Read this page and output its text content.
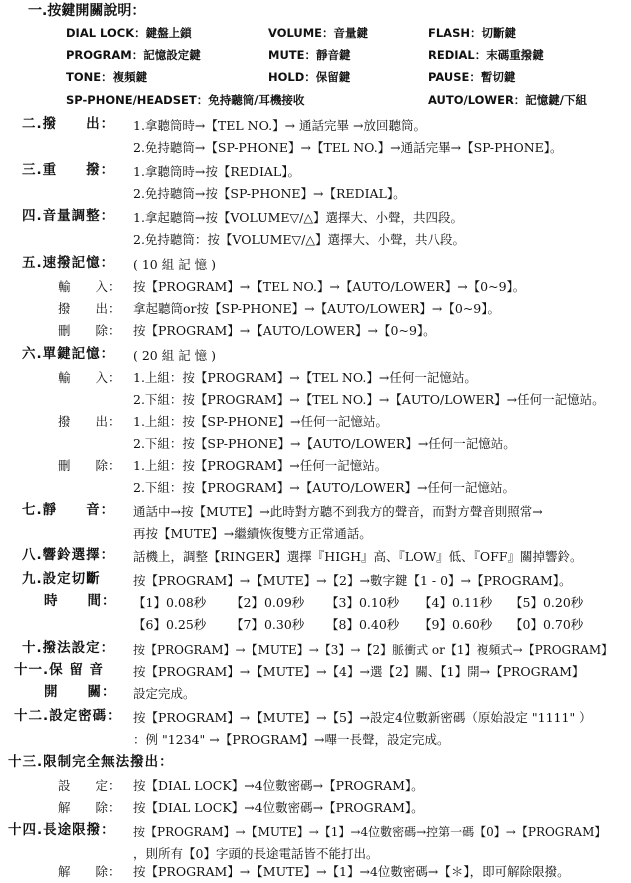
一.按鍵開關說明：
DIAL LOCK：鍵盤上鎖	VOLUME：音量鍵	FLASH：切斷鍵
PROGRAM：記憶設定鍵	MUTE：靜音鍵	REDIAL：末碼重撥鍵
TONE：複頻鍵	HOLD：保留鍵	PAUSE：暫切鍵
SP-PHONE/HEADSET：免持聽筒/耳機接收	AUTO/LOWER：記憶鍵/下組
二.撥　　出： 1.拿聽筒時→【TEL NO.】→ 通話完畢 →放回聽筒。
2.免持聽筒→【SP-PHONE】→【TEL NO.】→通話完畢→【SP-PHONE】。
三.重　　撥： 1.拿聽筒時→按【REDIAL】。
2.免持聽筒→按【SP-PHONE】→【REDIAL】。
四.音量調整： 1.拿起聽筒→按【VOLUME▽/△】選擇大、小聲，共四段。
2.免持聽筒：按【VOLUME▽/△】選擇大、小聲，共八段。
五.速撥記憶： ( 10 組 記 憶 )
輸　　入： 按【PROGRAM】→【TEL NO.】→【AUTO/LOWER】→【0~9】。
撥　　出： 拿起聽筒or按【SP-PHONE】→【AUTO/LOWER】→【0~9】。
刪　　除： 按【PROGRAM】→【AUTO/LOWER】→【0~9】。
六.單鍵記憶： ( 20 組 記 憶 )
輸　　入： 1.上組：按【PROGRAM】→【TEL NO.】→任何一記憶站。
2.下組：按【PROGRAM】→【TEL NO.】→【AUTO/LOWER】→任何一記憶站。
撥　　出： 1.上組：按【SP-PHONE】→任何一記憶站。
2.下組：按【SP-PHONE】→【AUTO/LOWER】→任何一記憶站。
刪　　除： 1.上組：按【PROGRAM】→任何一記憶站。
2.下組：按【PROGRAM】→【AUTO/LOWER】→任何一記憶站。
七.靜　　音： 通話中→按【MUTE】→此時對方聽不到我方的聲音，而對方聲音則照常→
再按【MUTE】→繼續恢復雙方正常通話。
八.響鈴選擇： 話機上，調整【RINGER】選擇『HIGH』高、『LOW』低、『OFF』關掉響鈴。
九.設定切斷	按【PROGRAM】→【MUTE】→【2】→數字鍵【1 - 0】→【PROGRAM】。
時　　間： 【1】0.08秒 【2】0.09秒 【3】0.10秒 【4】0.11秒 【5】0.20秒
【6】0.25秒 【7】0.30秒 【8】0.40秒 【9】0.60秒 【0】0.70秒
十.撥法設定： 按【PROGRAM】→【MUTE】→【3】→【2】脈衝式 or【1】複頻式→【PROGRAM】
十一.保 留 音 按【PROGRAM】→【MUTE】→【4】→選【2】關、【1】開→【PROGRAM】
開　　關： 設定完成。
十二.設定密碼： 按【PROGRAM】→【MUTE】→【5】→設定4位數新密碼（原始設定 "1111" ）
：例 "1234" →【PROGRAM】→嗶一長聲，設定完成。
十三.限制完全無法撥出：
設　　定： 按【DIAL LOCK】→4位數密碼→【PROGRAM】。
解　　除： 按【DIAL LOCK】→4位數密碼→【PROGRAM】。
十四.長途限撥： 按【PROGRAM】→【MUTE】→【1】→4位數密碼→控第一碼【0】→【PROGRAM】
，則所有【0】字頭的長途電話皆不能打出。
解　　除： 按【PROGRAM】→【MUTE】→【1】→4位數密碼→【＊】，即可解除限撥。
